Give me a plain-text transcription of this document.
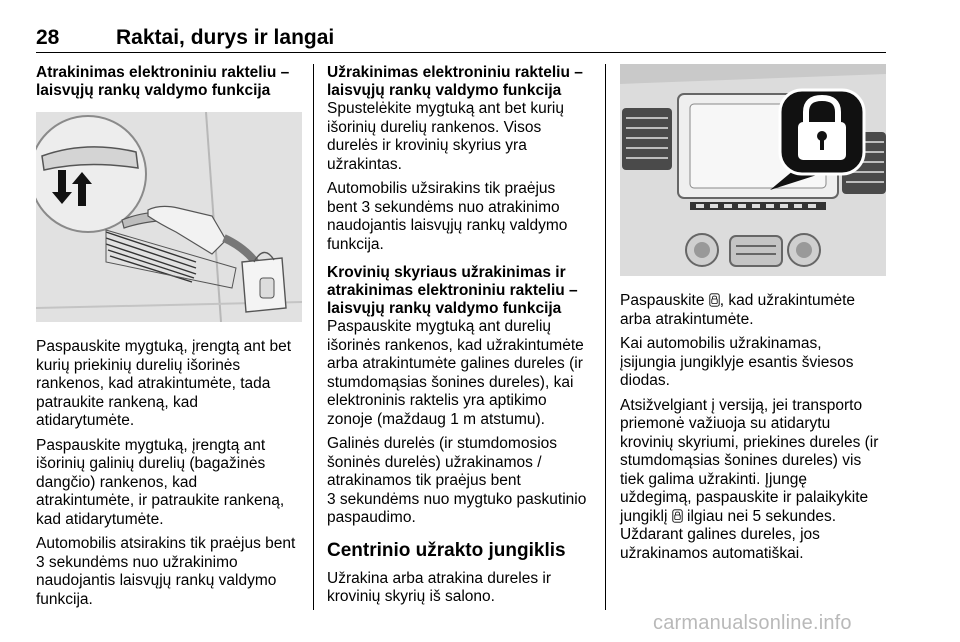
28	Raktai, durys ir langai
Atrakinimas elektroniniu rakteliu –
laisvųjų rankų valdymo funkcija
Paspauskite mygtuką, įrengtą ant bet
kurių priekinių durelių išorinės
rankenos, kad atrakintumėte, tada
patraukite rankeną, kad
atidarytumėte.
Paspauskite mygtuką, įrengtą ant
išorinių galinių durelių (bagažinės
dangčio) rankenos, kad
atrakintumėte, ir patraukite rankeną,
kad atidarytumėte.
Automobilis atsirakins tik praėjus bent
3 sekundėms nuo užrakinimo
naudojantis laisvųjų rankų valdymo
funkcija.
Užrakinimas elektroniniu rakteliu –
laisvųjų rankų valdymo funkcija
Spustelėkite mygtuką ant bet kurių
išorinių durelių rankenos. Visos
durelės ir krovinių skyrius yra
užrakintas.
Automobilis užsirakins tik praėjus
bent 3 sekundėms nuo atrakinimo
naudojantis laisvųjų rankų valdymo
funkcija.
Krovinių skyriaus užrakinimas ir
atrakinimas elektroniniu rakteliu –
laisvųjų rankų valdymo funkcija
Paspauskite mygtuką ant durelių
išorinės rankenos, kad užrakintumėte
arba atrakintumėte galines dureles (ir
stumdomąsias šonines dureles), kai
elektroninis raktelis yra aptikimo
zonoje (maždaug 1 m atstumu).
Galinės durelės (ir stumdomosios
šoninės durelės) užrakinamos /
atrakinamos tik praėjus bent
3 sekundėms nuo mygtuko paskutinio
paspaudimo.
Centrinio užrakto jungiklis
Užrakina arba atrakina dureles ir
krovinių skyrių iš salono.
Paspauskite , kad užrakintumėte
arba atrakintumėte.
Kai automobilis užrakinamas,
įsijungia jungiklyje esantis šviesos
diodas.
Atsižvelgiant į versiją, jei transporto
priemonė važiuoja su atidarytu
krovinių skyriumi, priekines dureles (ir
stumdomąsias šonines dureles) vis
tiek galima užrakinti. Įjungę
uždegimą, paspauskite ir palaikykite
jungiklį  ilgiau nei 5 sekundes.
Uždarant galines dureles, jos
užrakinamos automatiškai.
carmanualsonline.info
